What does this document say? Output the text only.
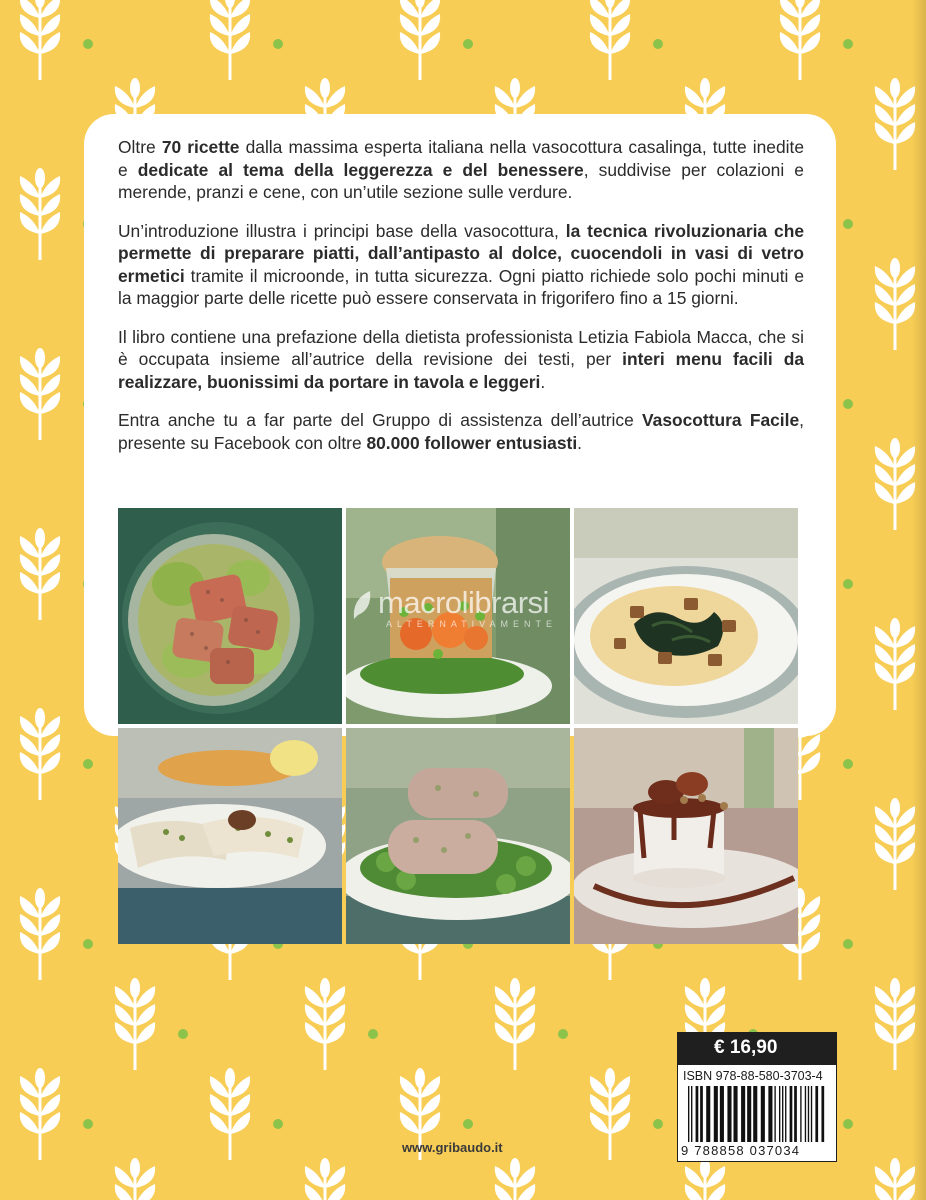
Oltre 70 ricette dalla massima esperta italiana nella vasocottura casalinga, tutte inedite e dedicate al tema della leggerezza e del benessere, suddivise per colazioni e merende, pranzi e cene, con un’utile sezione sulle verdure.

Un’introduzione illustra i principi base della vasocottura, la tecnica rivoluzionaria che permette di preparare piatti, dall’antipasto al dolce, cuocendoli in vasi di vetro ermetici tramite il microonde, in tutta sicurezza. Ogni piatto richiede solo pochi minuti e la maggior parte delle ricette può essere conservata in frigorifero fino a 15 giorni.

Il libro contiene una prefazione della dietista professionista Letizia Fabiola Macca, che si è occupata insieme all’autrice della revisione dei testi, per interi menu facili da realizzare, buonissimi da portare in tavola e leggeri.

Entra anche tu a far parte del Gruppo di assistenza dell’autrice Vasocottura Facile, presente su Facebook con oltre 80.000 follower entusiasti.

macrolibrarsi
ALTERNATIVAMENTE
€ 16,90
ISBN 978-88-580-3703-4
9 788858 037034
www.gribaudo.it
